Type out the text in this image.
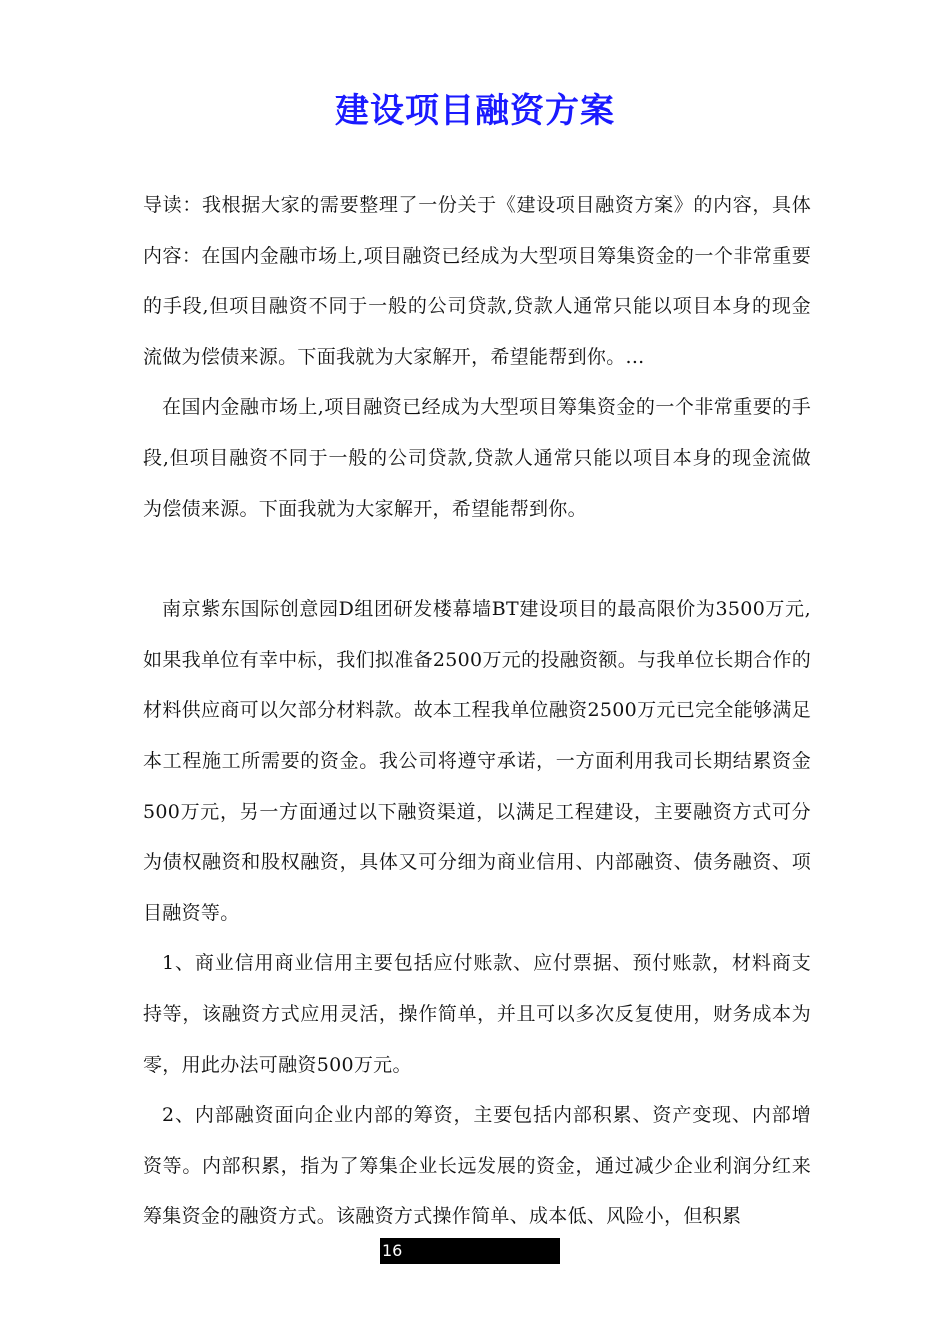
建设项目融资方案

导读：我根据大家的需要整理了一份关于《建设项目融资方案》的内容，具体内容：在国内金融市场上,项目融资已经成为大型项目筹集资金的一个非常重要的手段,但项目融资不同于一般的公司贷款,贷款人通常只能以项目本身的现金流做为偿债来源。下面我就为大家解开，希望能帮到你。...

在国内金融市场上,项目融资已经成为大型项目筹集资金的一个非常重要的手段,但项目融资不同于一般的公司贷款,贷款人通常只能以项目本身的现金流做为偿债来源。下面我就为大家解开，希望能帮到你。

南京紫东国际创意园D组团研发楼幕墙BT建设项目的最高限价为3500万元,如果我单位有幸中标，我们拟准备2500万元的投融资额。与我单位长期合作的材料供应商可以欠部分材料款。故本工程我单位融资2500万元已完全能够满足本工程施工所需要的资金。我公司将遵守承诺，一方面利用我司长期结累资金500万元，另一方面通过以下融资渠道，以满足工程建设，主要融资方式可分为债权融资和股权融资，具体又可分细为商业信用、内部融资、债务融资、项目融资等。

1、商业信用商业信用主要包括应付账款、应付票据、预付账款，材料商支持等，该融资方式应用灵活，操作简单，并且可以多次反复使用，财务成本为零，用此办法可融资500万元。

2、内部融资面向企业内部的筹资，主要包括内部积累、资产变现、内部增资等。内部积累，指为了筹集企业长远发展的资金，通过减少企业利润分红来筹集资金的融资方式。该融资方式操作简单、成本低、风险小，但积累

16
